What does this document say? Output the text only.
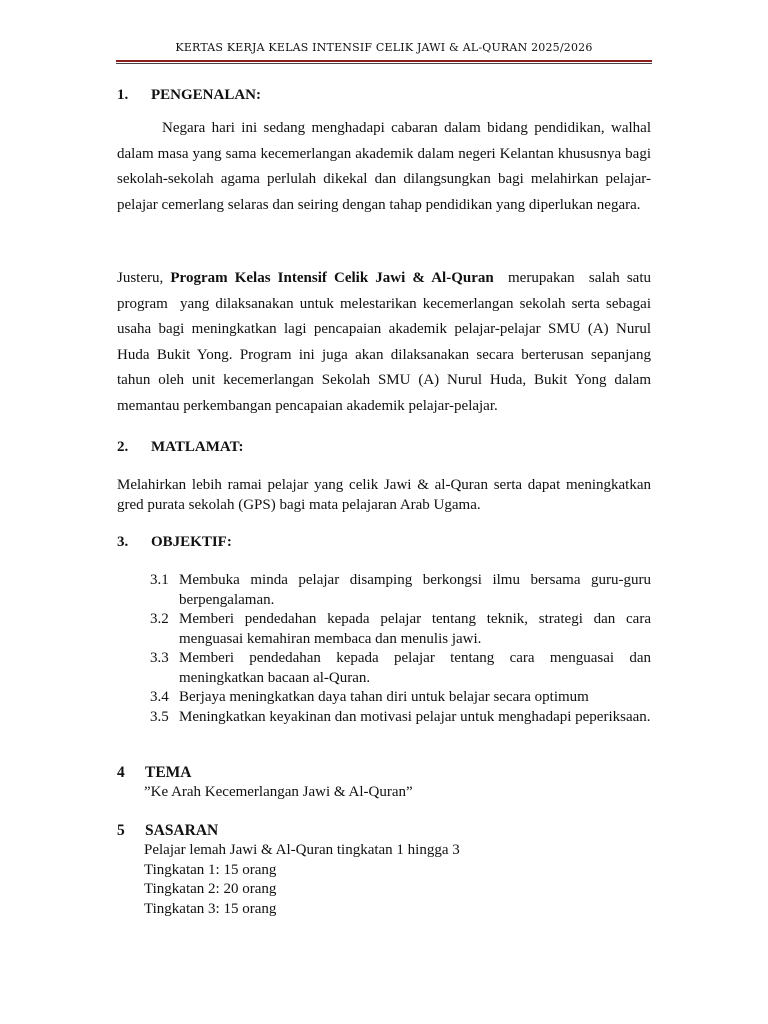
KERTAS KERJA KELAS INTENSIF CELIK JAWI & AL-QURAN 2025/2026
1.	PENGENALAN:
Negara hari ini sedang menghadapi cabaran dalam bidang pendidikan, walhal dalam masa yang sama kecemerlangan akademik dalam negeri Kelantan khususnya bagi sekolah-sekolah agama perlulah dikekal dan dilangsungkan bagi melahirkan pelajar-pelajar cemerlang selaras dan seiring dengan tahap pendidikan yang diperlukan negara.
Justeru, Program Kelas Intensif Celik Jawi & Al-Quran  merupakan  salah satu program  yang dilaksanakan untuk melestarikan kecemerlangan sekolah serta sebagai usaha bagi meningkatkan lagi pencapaian akademik pelajar-pelajar SMU (A) Nurul Huda Bukit Yong. Program ini juga akan dilaksanakan secara berterusan sepanjang tahun oleh unit kecemerlangan Sekolah SMU (A) Nurul Huda, Bukit Yong dalam memantau perkembangan pencapaian akademik pelajar-pelajar.
2.	MATLAMAT:
Melahirkan lebih ramai pelajar yang celik Jawi & al-Quran serta dapat meningkatkan gred purata sekolah (GPS) bagi mata pelajaran Arab Ugama.
3.	OBJEKTIF:
3.1 Membuka minda pelajar disamping berkongsi ilmu bersama guru-guru berpengalaman.
3.2 Memberi pendedahan kepada pelajar tentang teknik, strategi dan cara menguasai kemahiran membaca dan menulis jawi.
3.3 Memberi pendedahan kepada pelajar tentang cara menguasai dan meningkatkan bacaan al-Quran.
3.4 Berjaya meningkatkan daya tahan diri untuk belajar secara optimum
3.5 Meningkatkan keyakinan dan motivasi pelajar untuk menghadapi peperiksaan.
4	TEMA
”Ke Arah Kecemerlangan Jawi & Al-Quran”
5	SASARAN
Pelajar lemah Jawi & Al-Quran tingkatan 1 hingga 3
Tingkatan 1: 15 orang
Tingkatan 2: 20 orang
Tingkatan 3: 15 orang
